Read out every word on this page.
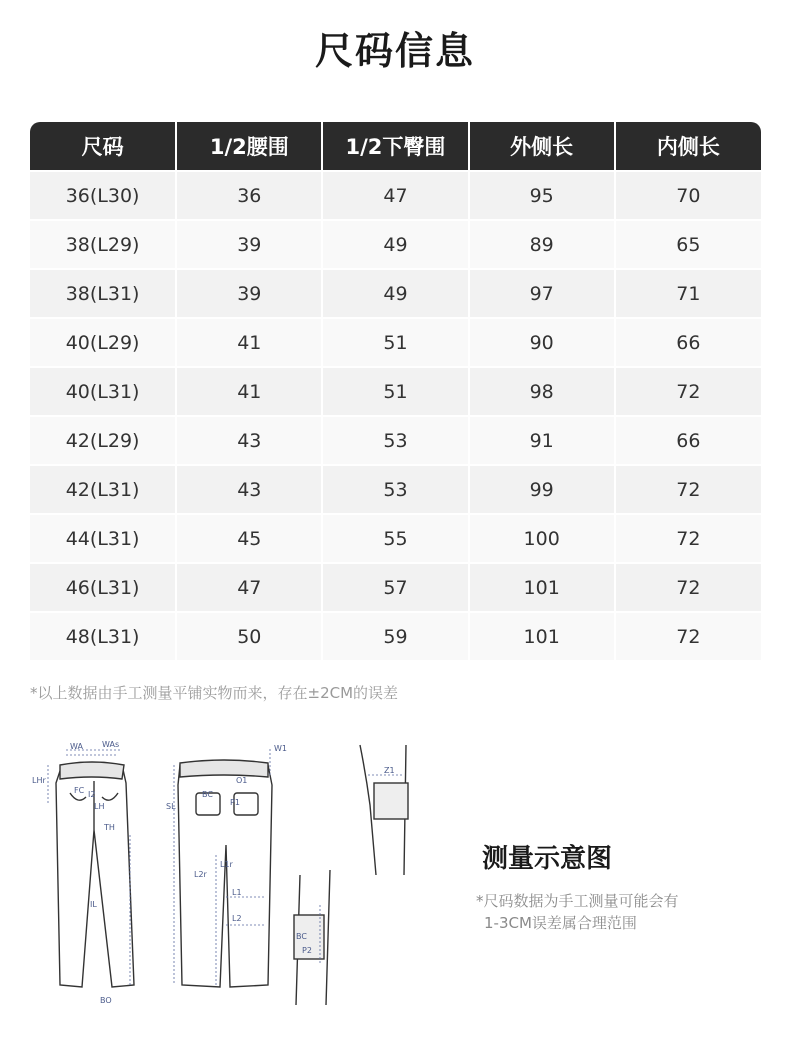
尺码信息
尺码	1/2腰围	1/2下臀围	外侧长	内侧长
36(L30)	36	47	95	70
38(L29)	39	49	89	65
38(L31)	39	49	97	71
40(L29)	41	51	90	66
40(L31)	41	51	98	72
42(L29)	43	53	91	66
42(L31)	43	53	99	72
44(L31)	45	55	100	72
46(L31)	47	57	101	72
48(L31)	50	59	101	72
*以上数据由手工测量平铺实物而来，存在±2CM的误差
WA WAs
LHr
FC I2
LH
TH
IL
BO
W1
O1
BC
P1
SL
L1r
L2r
L1
L2
Z1
BC
P2
测量示意图
*尺码数据为手工测量可能会有
1-3CM误差属合理范围
